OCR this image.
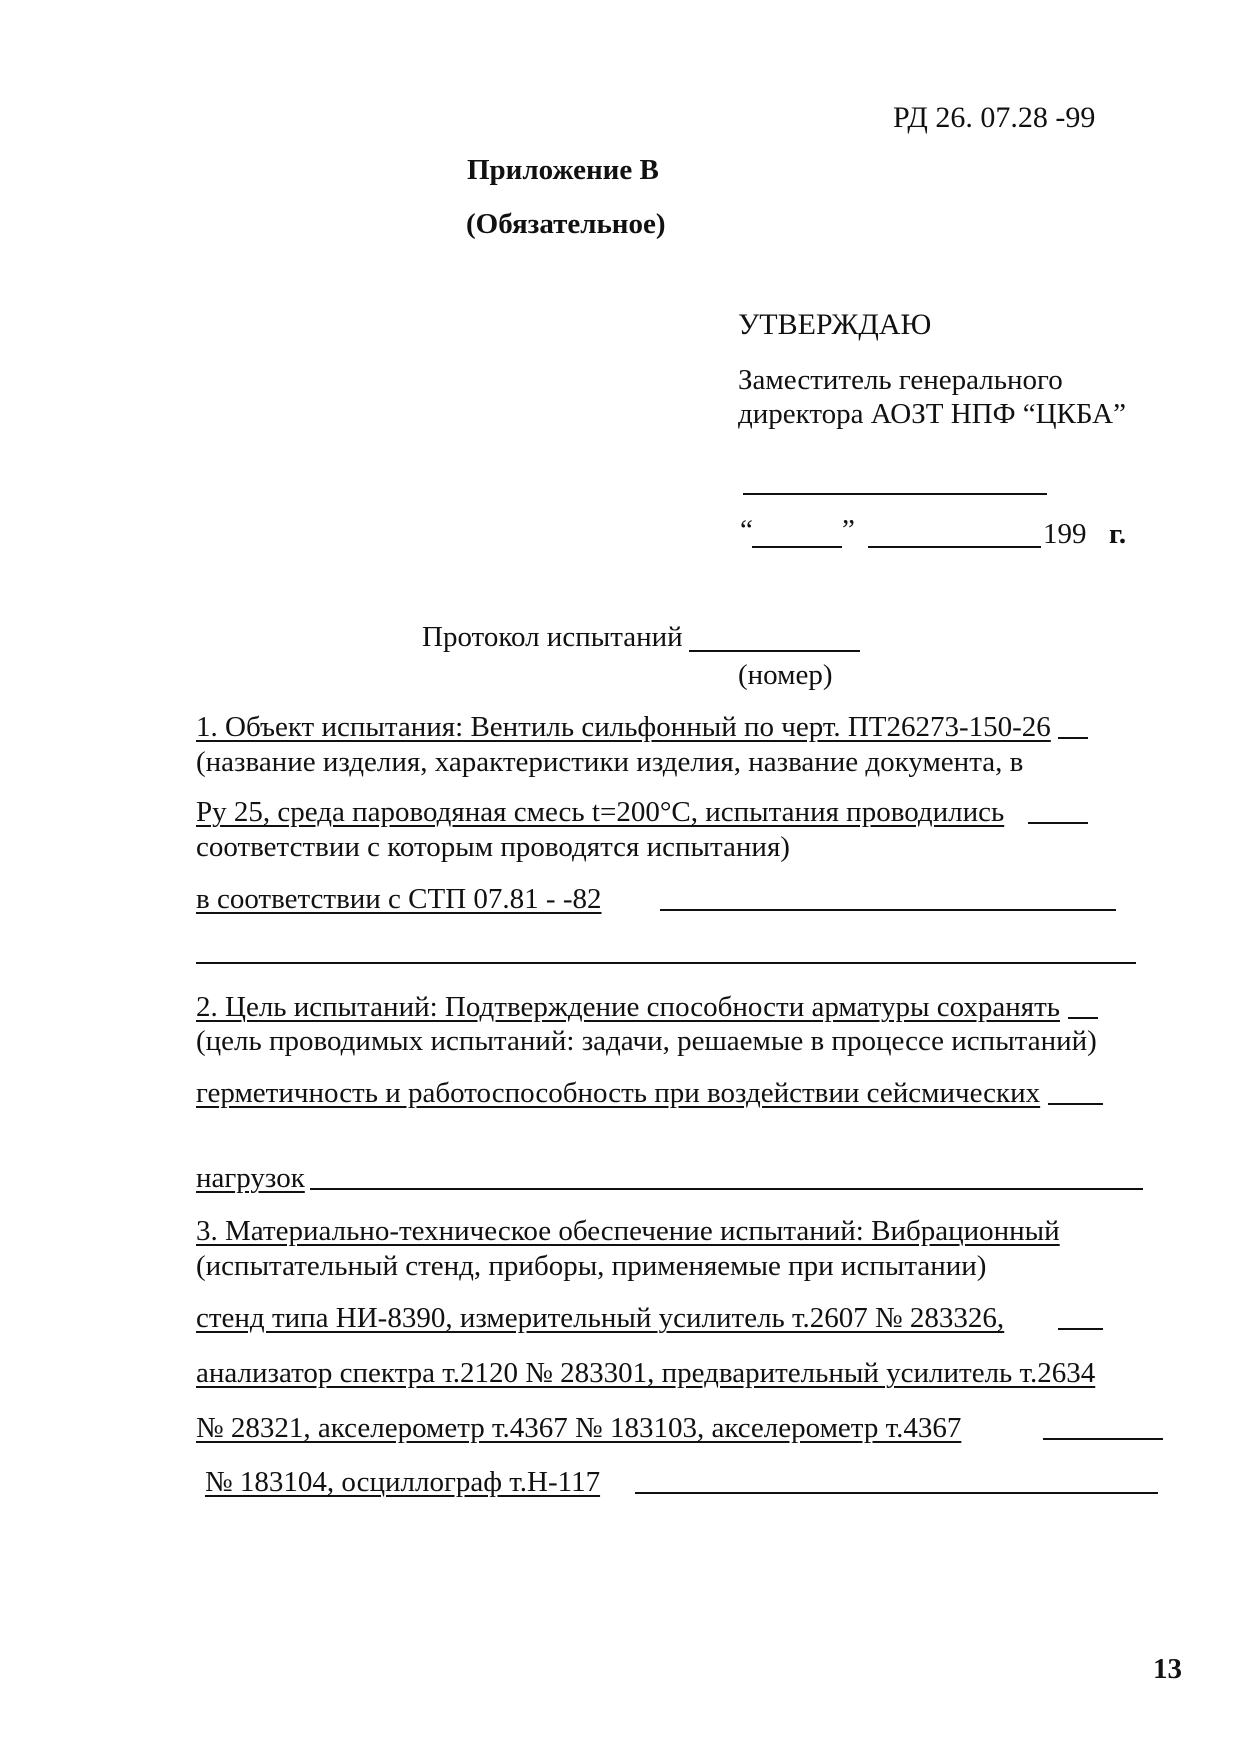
РД 26. 07.28 -99
Приложение В
(Обязательное)
УТВЕРЖДАЮ
Заместитель генерального
директора АОЗТ НПФ “ЦКБА”
“	”	199 г.
Протокол испытаний
(номер)
1. Объект испытания: Вентиль сильфонный по черт. ПТ26273-150-26
(название изделия, характеристики изделия, название документа, в
Ру 25, среда пароводяная смесь t=200°С, испытания проводились
соответствии с которым проводятся испытания)
в соответствии с СТП 07.81 - -82
2. Цель испытаний: Подтверждение способности арматуры сохранять
(цель проводимых испытаний: задачи, решаемые в процессе испытаний)
герметичность и работоспособность при воздействии сейсмических
нагрузок
3. Материально-техническое обеспечение испытаний: Вибрационный
(испытательный стенд, приборы, применяемые при испытании)
стенд типа НИ-8390, измерительный усилитель т.2607 № 283326,
анализатор спектра т.2120 № 283301, предварительный усилитель т.2634
№ 28321, акселерометр т.4367 № 183103, акселерометр т.4367
№ 183104, осциллограф т.Н-117
13
